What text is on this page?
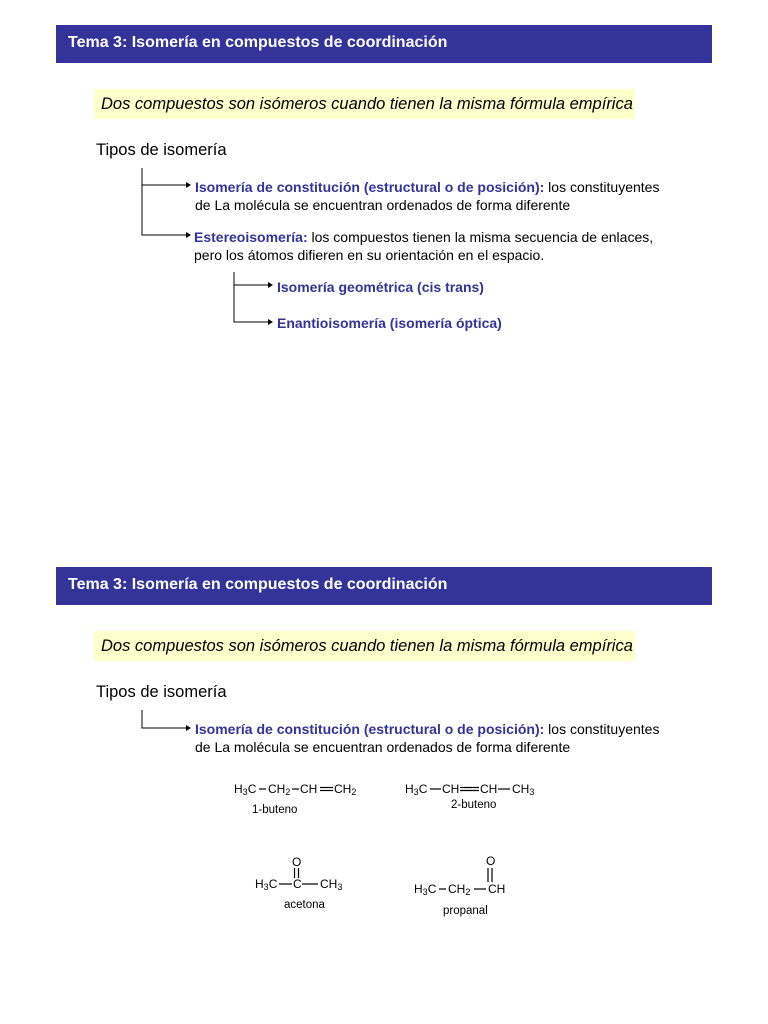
Tema 3: Isomería en compuestos de coordinación
Dos compuestos son isómeros cuando tienen la misma fórmula empírica
Tipos de isomería
Isomería de constitución (estructural o de posición): los constituyentes
de La molécula se encuentran ordenados de forma diferente
Estereoisomería: los compuestos tienen la misma secuencia de enlaces,
pero los átomos difieren en su orientación en el espacio.
Isomería geométrica (cis trans)
Enantioisomería (isomería óptica)
Tema 3: Isomería en compuestos de coordinación
Dos compuestos son isómeros cuando tienen la misma fórmula empírica
Tipos de isomería
Isomería de constitución (estructural o de posición): los constituyentes
de La molécula se encuentran ordenados de forma diferente
$H_3C$ $CH_2$ CH $CH_2$
1-buteno
$H_3C$ CH CH $CH_3$
2-buteno
O
$H_3C$ C $CH_3$
acetona
O
$H_3C$ $CH_2$ CH
propanal
